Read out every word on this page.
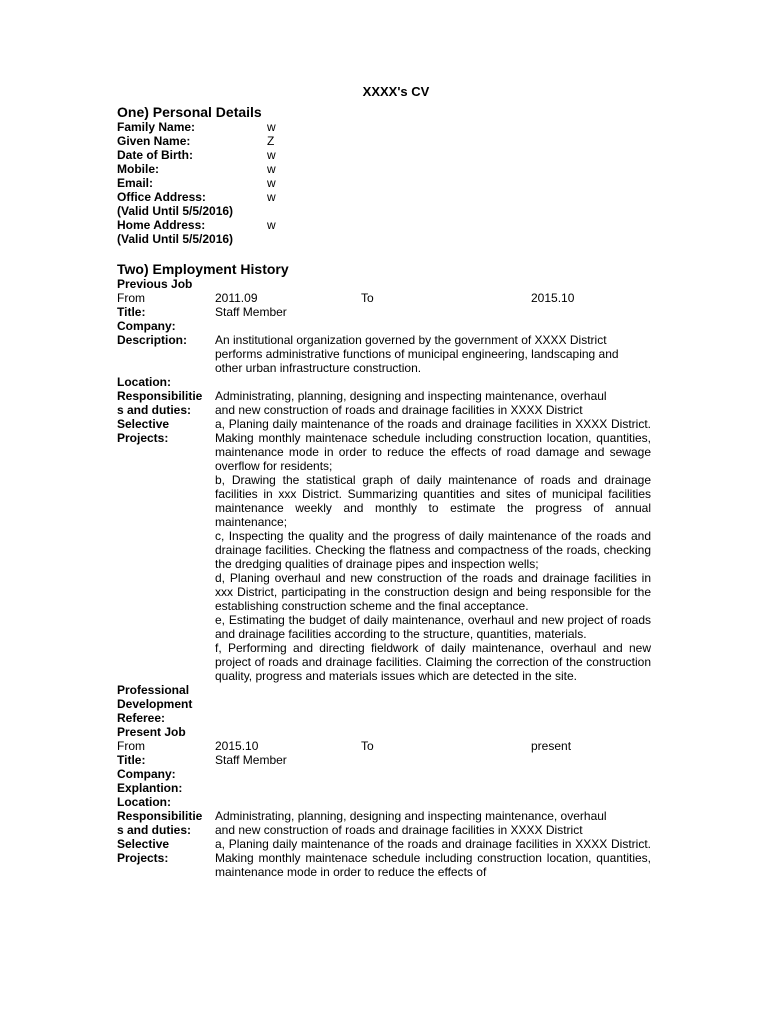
XXXX's CV
One) Personal Details
Family Name:	w
Given Name:	Z
Date of Birth:	w
Mobile:	w
Email:	w
Office Address:	w
(Valid Until 5/5/2016)
Home Address:	w
(Valid Until 5/5/2016)
Two) Employment History
Previous Job
From	2011.09	To	2015.10
Title:	Staff Member
Company:
Description:	An institutional organization governed by the government of XXXX District
performs administrative functions of municipal engineering, landscaping and
other urban infrastructure construction.
Location:
Responsibilitie
s and duties:
Administrating, planning, designing and inspecting maintenance, overhaul
and new construction of roads and drainage facilities in XXXX District
Selective
Projects:
a, Planing daily maintenance of the roads and drainage facilities in XXXX District. Making monthly maintenace schedule including construction location, quantities, maintenance mode in order to reduce the effects of road damage and sewage overflow for residents;
b, Drawing the statistical graph of daily maintenance of roads and drainage facilities in xxx District. Summarizing quantities and sites of municipal facilities maintenance weekly and monthly to estimate the progress of annual maintenance;
c, Inspecting the quality and the progress of daily maintenance of the roads and drainage facilities. Checking the flatness and compactness of the roads, checking the dredging qualities of drainage pipes and inspection wells;
d, Planing overhaul and new construction of the roads and drainage facilities in xxx District, participating in the construction design and being responsible for the establishing construction scheme and the final acceptance.
e, Estimating the budget of daily maintenance, overhaul and new project of roads and drainage facilities according to the structure, quantities, materials.
f, Performing and directing fieldwork of daily maintenance, overhaul and new project of roads and drainage facilities. Claiming the correction of the construction quality, progress and materials issues which are detected in the site.
Professional
Development
Referee:
Present Job
From	2015.10	To	present
Title:	Staff Member
Company:
Explantion:
Location:
Responsibilitie
s and duties:
Administrating, planning, designing and inspecting maintenance, overhaul
and new construction of roads and drainage facilities in XXXX District
Selective
Projects:
a, Planing daily maintenance of the roads and drainage facilities in XXXX District. Making monthly maintenace schedule including construction location, quantities, maintenance mode in order to reduce the effects of
